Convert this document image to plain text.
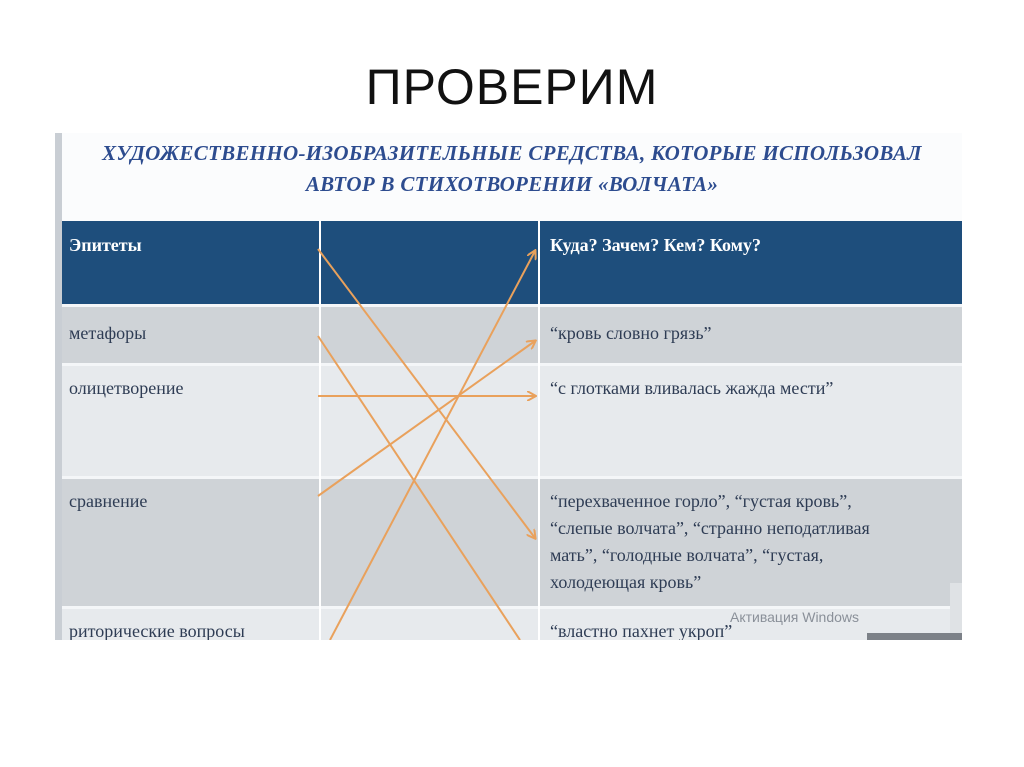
ПРОВЕРИМ
ХУДОЖЕСТВЕННО-ИЗОБРАЗИТЕЛЬНЫЕ СРЕДСТВА, КОТОРЫЕ ИСПОЛЬЗОВАЛ
АВТОР В СТИХОТВОРЕНИИ «ВОЛЧАТА»
Эпитеты	Куда? Зачем? Кем? Кому?
метафоры	“кровь словно грязь”
олицетворение	“с глотками вливалась жажда мести”
сравнение	“перехваченное горло”, “густая кровь”,
“слепые волчата”, “странно неподатливая
мать”, “голодные волчата”, “густая,
холодеющая кровь”
риторические вопросы	“властно пахнет укроп”
Активация Windows
